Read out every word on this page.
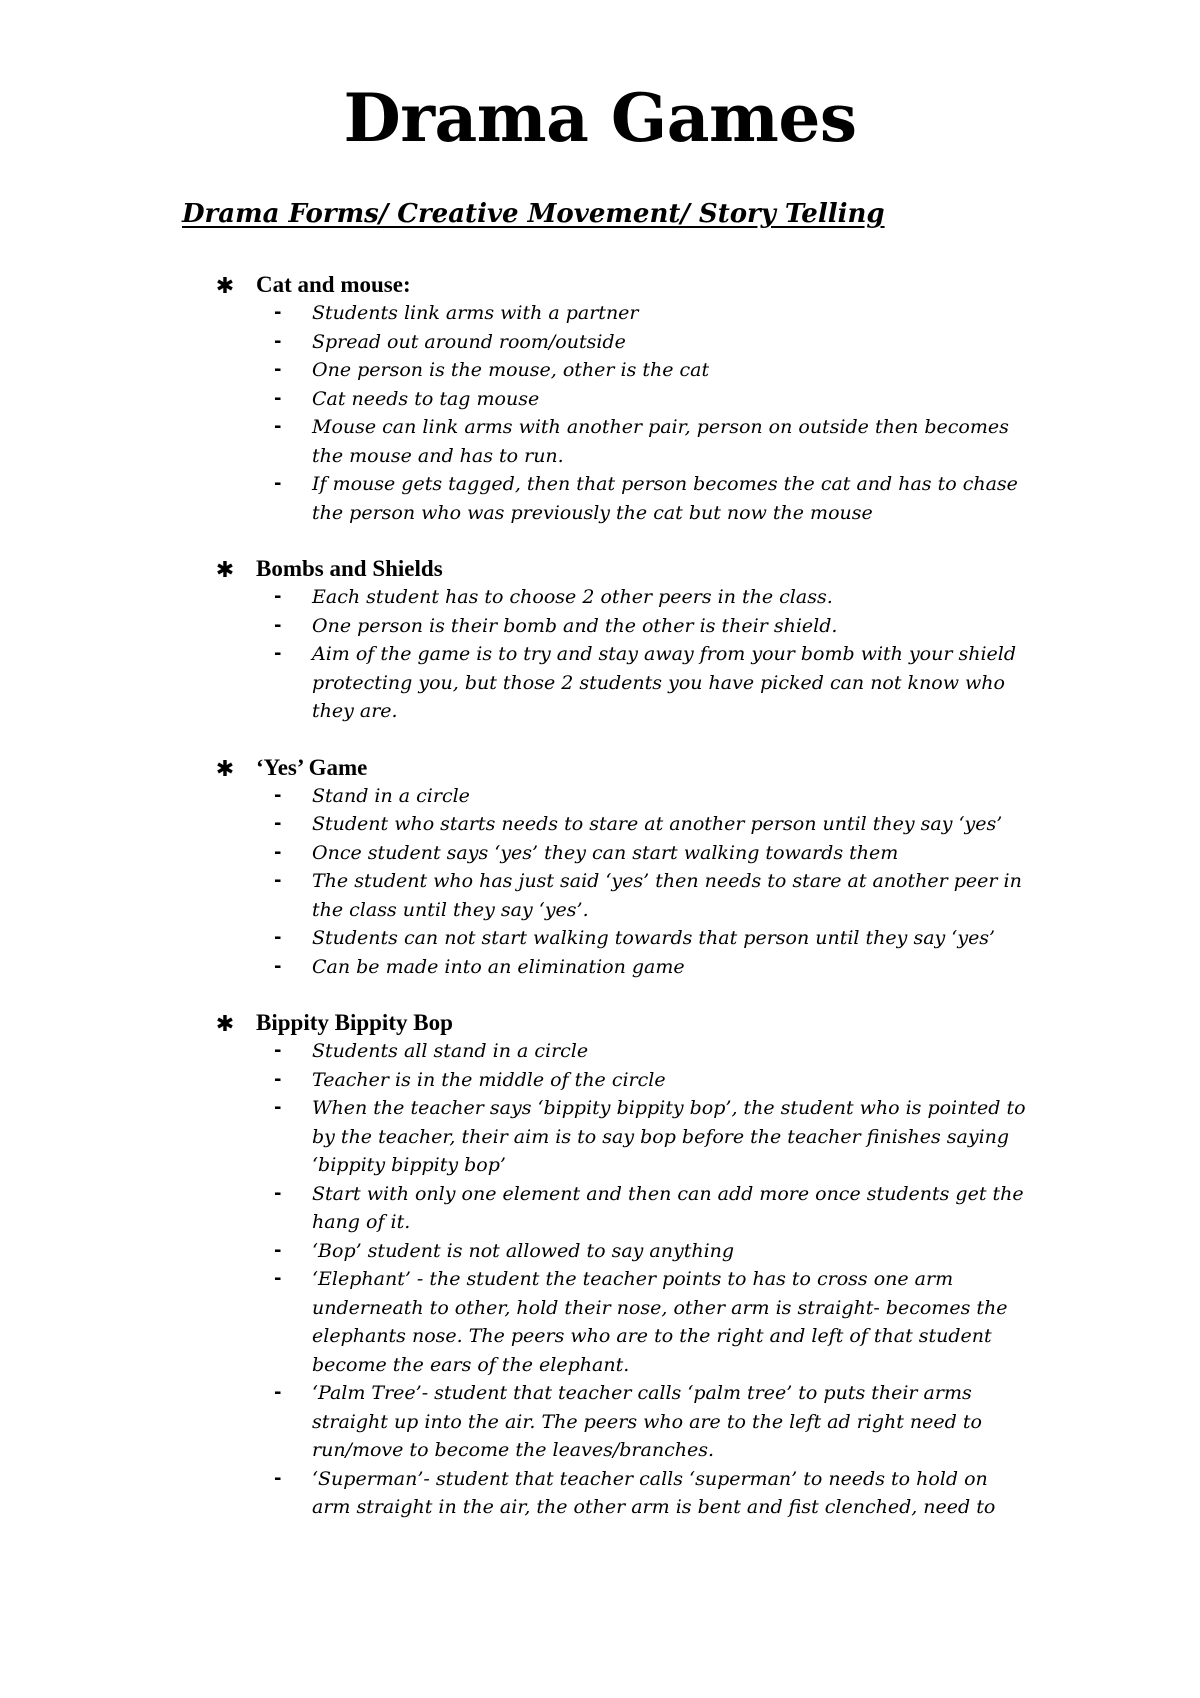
Drama Games
Drama Forms/ Creative Movement/ Story Telling
✱ Cat and mouse:
-	Students link arms with a partner
-	Spread out around room/outside
-	One person is the mouse, other is the cat
-	Cat needs to tag mouse
-	Mouse can link arms with another pair, person on outside then becomes the mouse and has to run.
-	If mouse gets tagged, then that person becomes the cat and has to chase the person who was previously the cat but now the mouse
✱ Bombs and Shields
-	Each student has to choose 2 other peers in the class.
-	One person is their bomb and the other is their shield.
-	Aim of the game is to try and stay away from your bomb with your shield protecting you, but those 2 students you have picked can not know who they are.
✱ ‘Yes’ Game
-	Stand in a circle
-	Student who starts needs to stare at another person until they say ‘yes’
-	Once student says ‘yes’ they can start walking towards them
-	The student who has just said ‘yes’ then needs to stare at another peer in the class until they say ‘yes’.
-	Students can not start walking towards that person until they say ‘yes’
-	Can be made into an elimination game
✱ Bippity Bippity Bop
-	Students all stand in a circle
-	Teacher is in the middle of the circle
-	When the teacher says ‘bippity bippity bop’, the student who is pointed to by the teacher, their aim is to say bop before the teacher finishes saying ‘bippity bippity bop’
-	Start with only one element and then can add more once students get the hang of it.
-	‘Bop’ student is not allowed to say anything
-	‘Elephant’ - the student the teacher points to has to cross one arm underneath to other, hold their nose, other arm is straight- becomes the elephants nose. The peers who are to the right and left of that student become the ears of the elephant.
-	‘Palm Tree’- student that teacher calls ‘palm tree’ to puts their arms straight up into the air. The peers who are to the left ad right need to run/move to become the leaves/branches.
-	‘Superman’- student that teacher calls ‘superman’ to needs to hold on arm straight in the air, the other arm is bent and fist clenched, need to
